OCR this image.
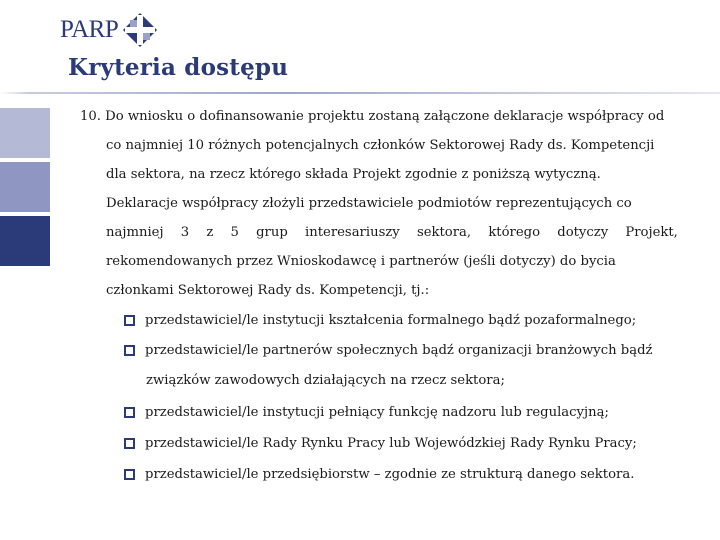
PARP
Kryteria dostępu
10. Do wniosku o dofinansowanie projektu zostaną załączone deklaracje współpracy od
co najmniej 10 różnych potencjalnych członków Sektorowej Rady ds. Kompetencji
dla sektora, na rzecz którego składa Projekt zgodnie z poniższą wytyczną.
Deklaracje współpracy złożyli przedstawiciele podmiotów reprezentujących co
najmniej 3 z 5 grup interesariuszy sektora, którego dotyczy Projekt,
rekomendowanych przez Wnioskodawcę i partnerów (jeśli dotyczy) do bycia
członkami Sektorowej Rady ds. Kompetencji, tj.:
przedstawiciel/le instytucji kształcenia formalnego bądź pozaformalnego;
przedstawiciel/le partnerów społecznych bądź organizacji branżowych bądź
związków zawodowych działających na rzecz sektora;
przedstawiciel/le instytucji pełniący funkcję nadzoru lub regulacyjną;
przedstawiciel/le Rady Rynku Pracy lub Wojewódzkiej Rady Rynku Pracy;
przedstawiciel/le przedsiębiorstw – zgodnie ze strukturą danego sektora.
